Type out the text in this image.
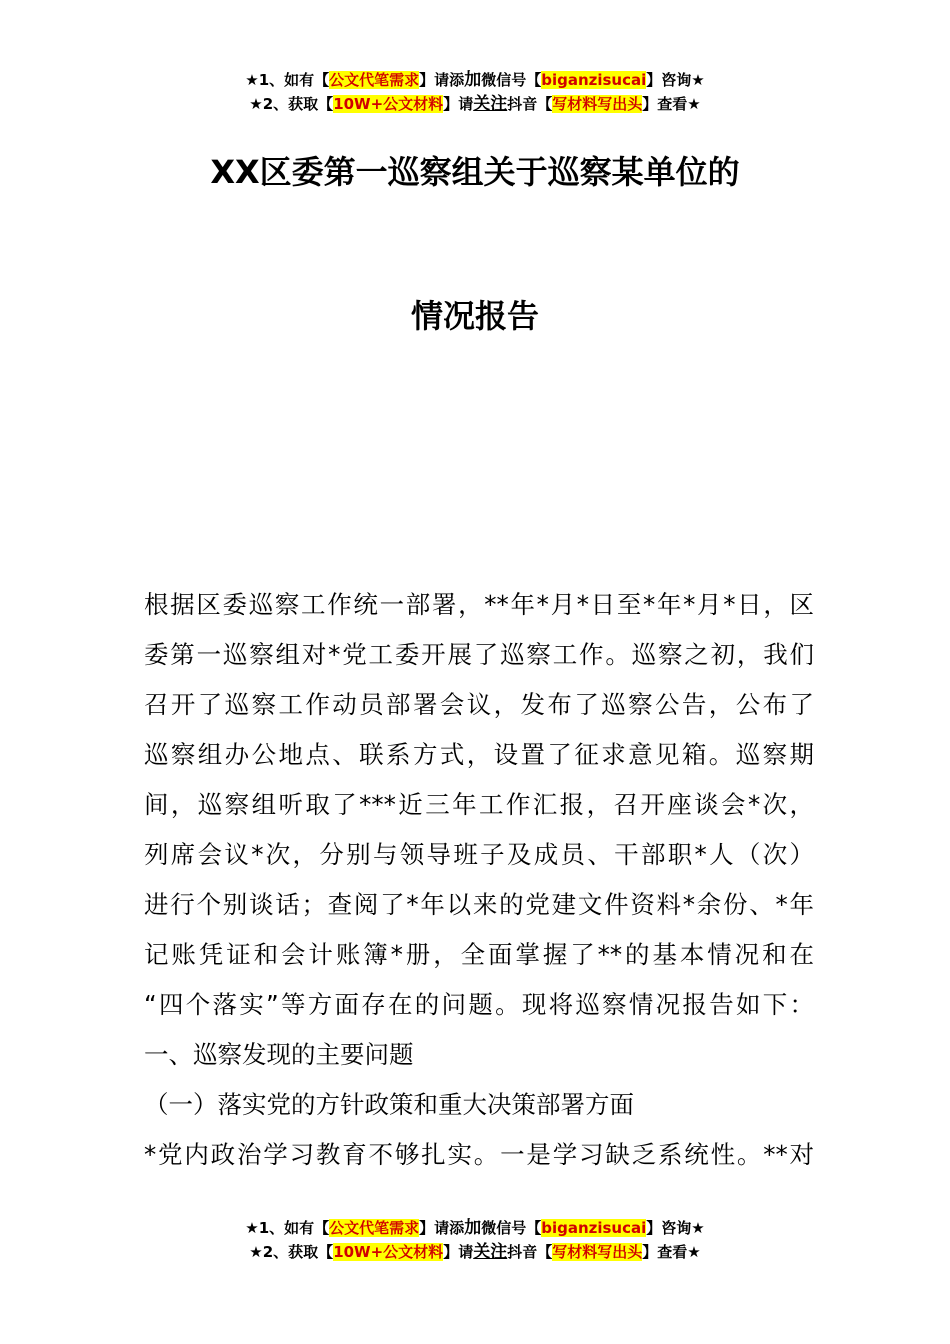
★1、如有【公文代笔需求】请添加微信号【biganzisucai】咨询★
★2、获取【10W+公文材料】请关注抖音【写材料写出头】查看★
XX区委第一巡察组关于巡察某单位的
情况报告
根据区委巡察工作统一部署，**年*月*日至*年*月*日，区
委第一巡察组对*党工委开展了巡察工作。巡察之初，我们
召开了巡察工作动员部署会议，发布了巡察公告，公布了
巡察组办公地点、联系方式，设置了征求意见箱。巡察期
间，巡察组听取了***近三年工作汇报，召开座谈会*次，
列席会议*次，分别与领导班子及成员、干部职*人（次）
进行个别谈话；查阅了*年以来的党建文件资料*余份、*年
记账凭证和会计账簿*册，全面掌握了**的基本情况和在
“四个落实”等方面存在的问题。现将巡察情况报告如下：
一、巡察发现的主要问题
（一）落实党的方针政策和重大决策部署方面
*党内政治学习教育不够扎实。一是学习缺乏系统性。**对
★1、如有【公文代笔需求】请添加微信号【biganzisucai】咨询★
★2、获取【10W+公文材料】请关注抖音【写材料写出头】查看★
